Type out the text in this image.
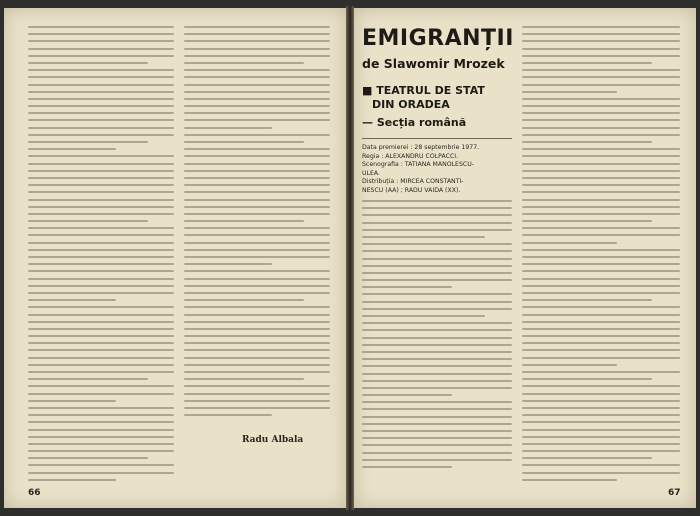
Radu Albala
66
EMIGRANȚII
de Slawomir Mrozek
■ TEATRUL DE STAT
DIN ORADEA
— Secția română
Data premierei : 28 septembrie 1977.
Regia : ALEXANDRU COLPACCI.
Scenografia : TATIANA MANOLESCU-
ULEA.
Distribuția : MIRCEA CONSTANTI-
NESCU (AA) ; RADU VAIDA (XX).
67
